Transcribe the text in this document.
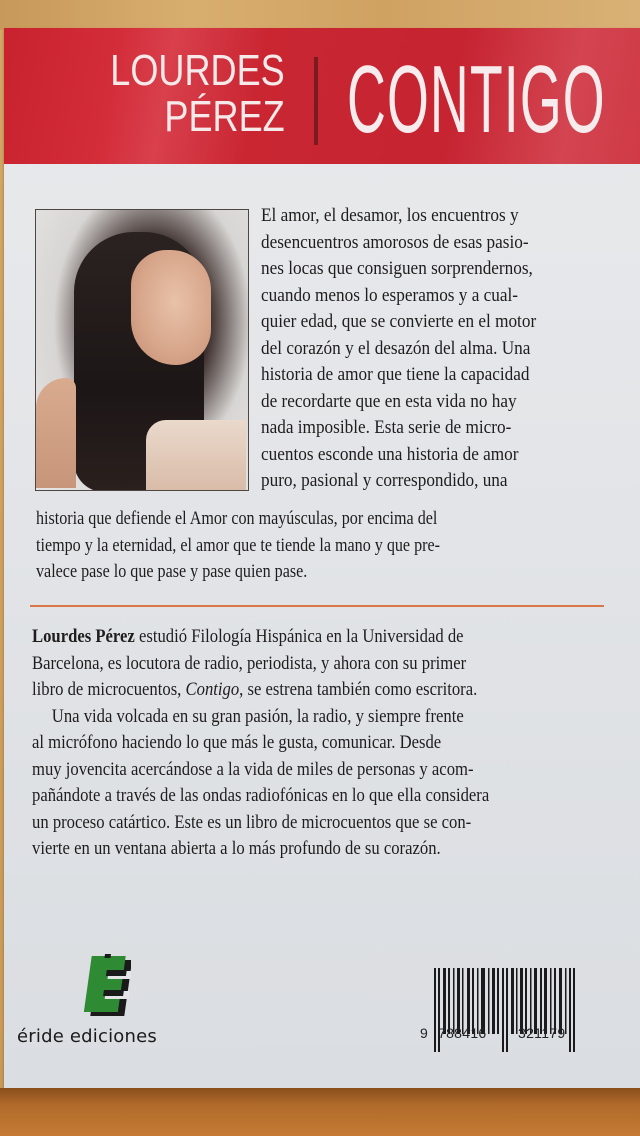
LOURDES
PÉREZ CONTIGO
El amor, el desamor, los encuentros y
desencuentros amorosos de esas pasio-
nes locas que consiguen sorprendernos,
cuando menos lo esperamos y a cual-
quier edad, que se convierte en el motor
del corazón y el desazón del alma. Una
historia de amor que tiene la capacidad
de recordarte que en esta vida no hay
nada imposible. Esta serie de micro-
cuentos esconde una historia de amor
puro, pasional y correspondido, una
historia que defiende el Amor con mayúsculas, por encima del
tiempo y la eternidad, el amor que te tiende la mano y que pre-
valece pase lo que pase y pase quien pase.
Lourdes Pérez estudió Filología Hispánica en la Universidad de
Barcelona, es locutora de radio, periodista, y ahora con su primer
libro de microcuentos, Contigo, se estrena también como escritora.
Una vida volcada en su gran pasión, la radio, y siempre frente
al micrófono haciendo lo que más le gusta, comunicar. Desde
muy jovencita acercándose a la vida de miles de personas y acom-
pañándote a través de las ondas radiofónicas en lo que ella considera
un proceso catártico. Este es un libro de microcuentos que se con-
vierte en un ventana abierta a lo más profundo de su corazón.
éride ediciones	9 788416 321179
